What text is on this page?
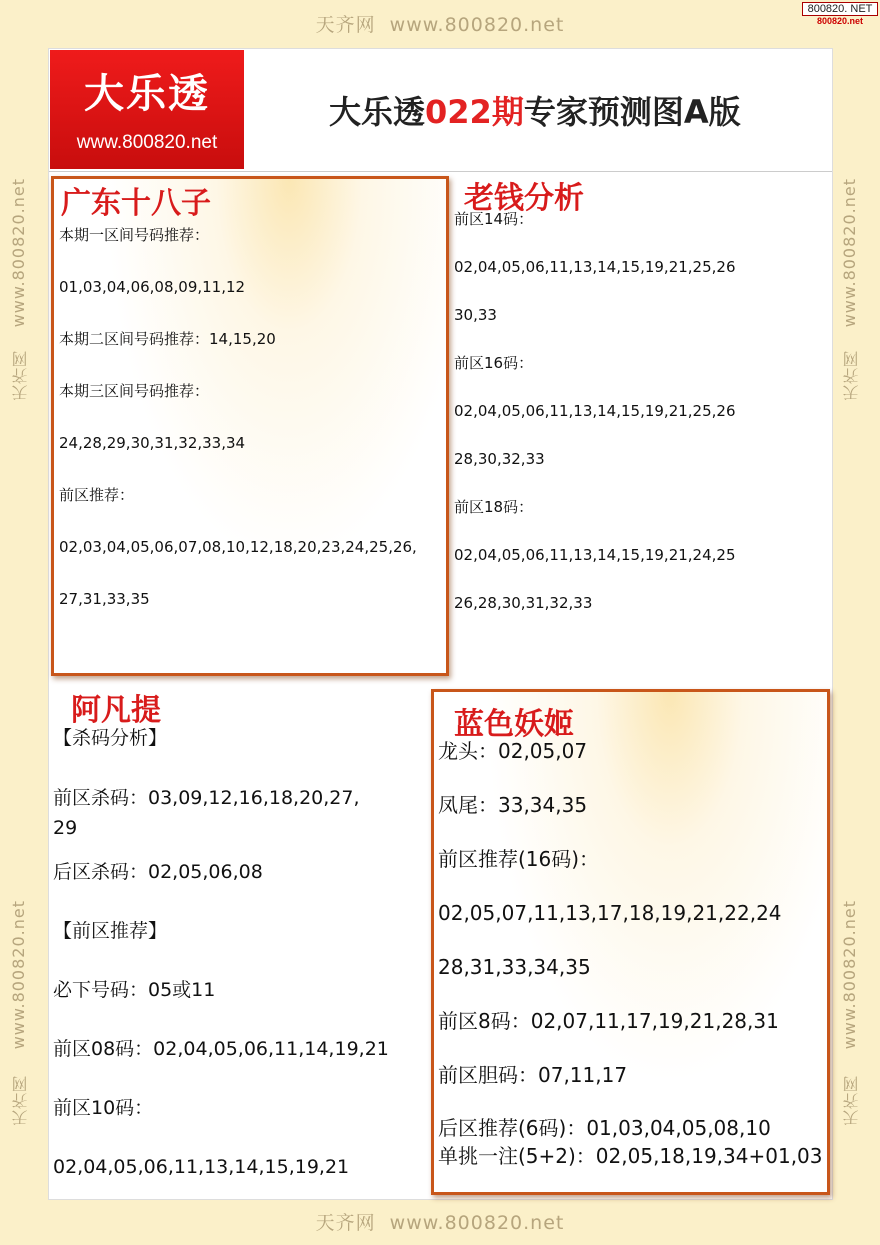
天齐网 www.800820.net
800820. NET
800820.net
www.800820.net
天齐网
www.800820.net
天齐网
www.800820.net
天齐网
www.800820.net
天齐网
大乐透
www.800820.net
大乐透022期专家预测图A版
广东十八子
本期一区间号码推荐：
01,03,04,06,08,09,11,12
本期二区间号码推荐：14,15,20
本期三区间号码推荐：
24,28,29,30,31,32,33,34
前区推荐：
02,03,04,05,06,07,08,10,12,18,20,23,24,25,26,
27,31,33,35
老钱分析
前区14码：
02,04,05,06,11,13,14,15,19,21,25,26
30,33
前区16码：
02,04,05,06,11,13,14,15,19,21,25,26
28,30,32,33
前区18码：
02,04,05,06,11,13,14,15,19,21,24,25
26,28,30,31,32,33
阿凡提
【杀码分析】
前区杀码：03,09,12,16,18,20,27,
29
后区杀码：02,05,06,08
【前区推荐】
必下号码：05或11
前区08码：02,04,05,06,11,14,19,21
前区10码：
02,04,05,06,11,13,14,15,19,21
蓝色妖姬
龙头：02,05,07
凤尾：33,34,35
前区推荐(16码)：
02,05,07,11,13,17,18,19,21,22,24
28,31,33,34,35
前区8码：02,07,11,17,19,21,28,31
前区胆码：07,11,17
后区推荐(6码)：01,03,04,05,08,10
单挑一注(5+2)：02,05,18,19,34+01,03
天齐网 www.800820.net
